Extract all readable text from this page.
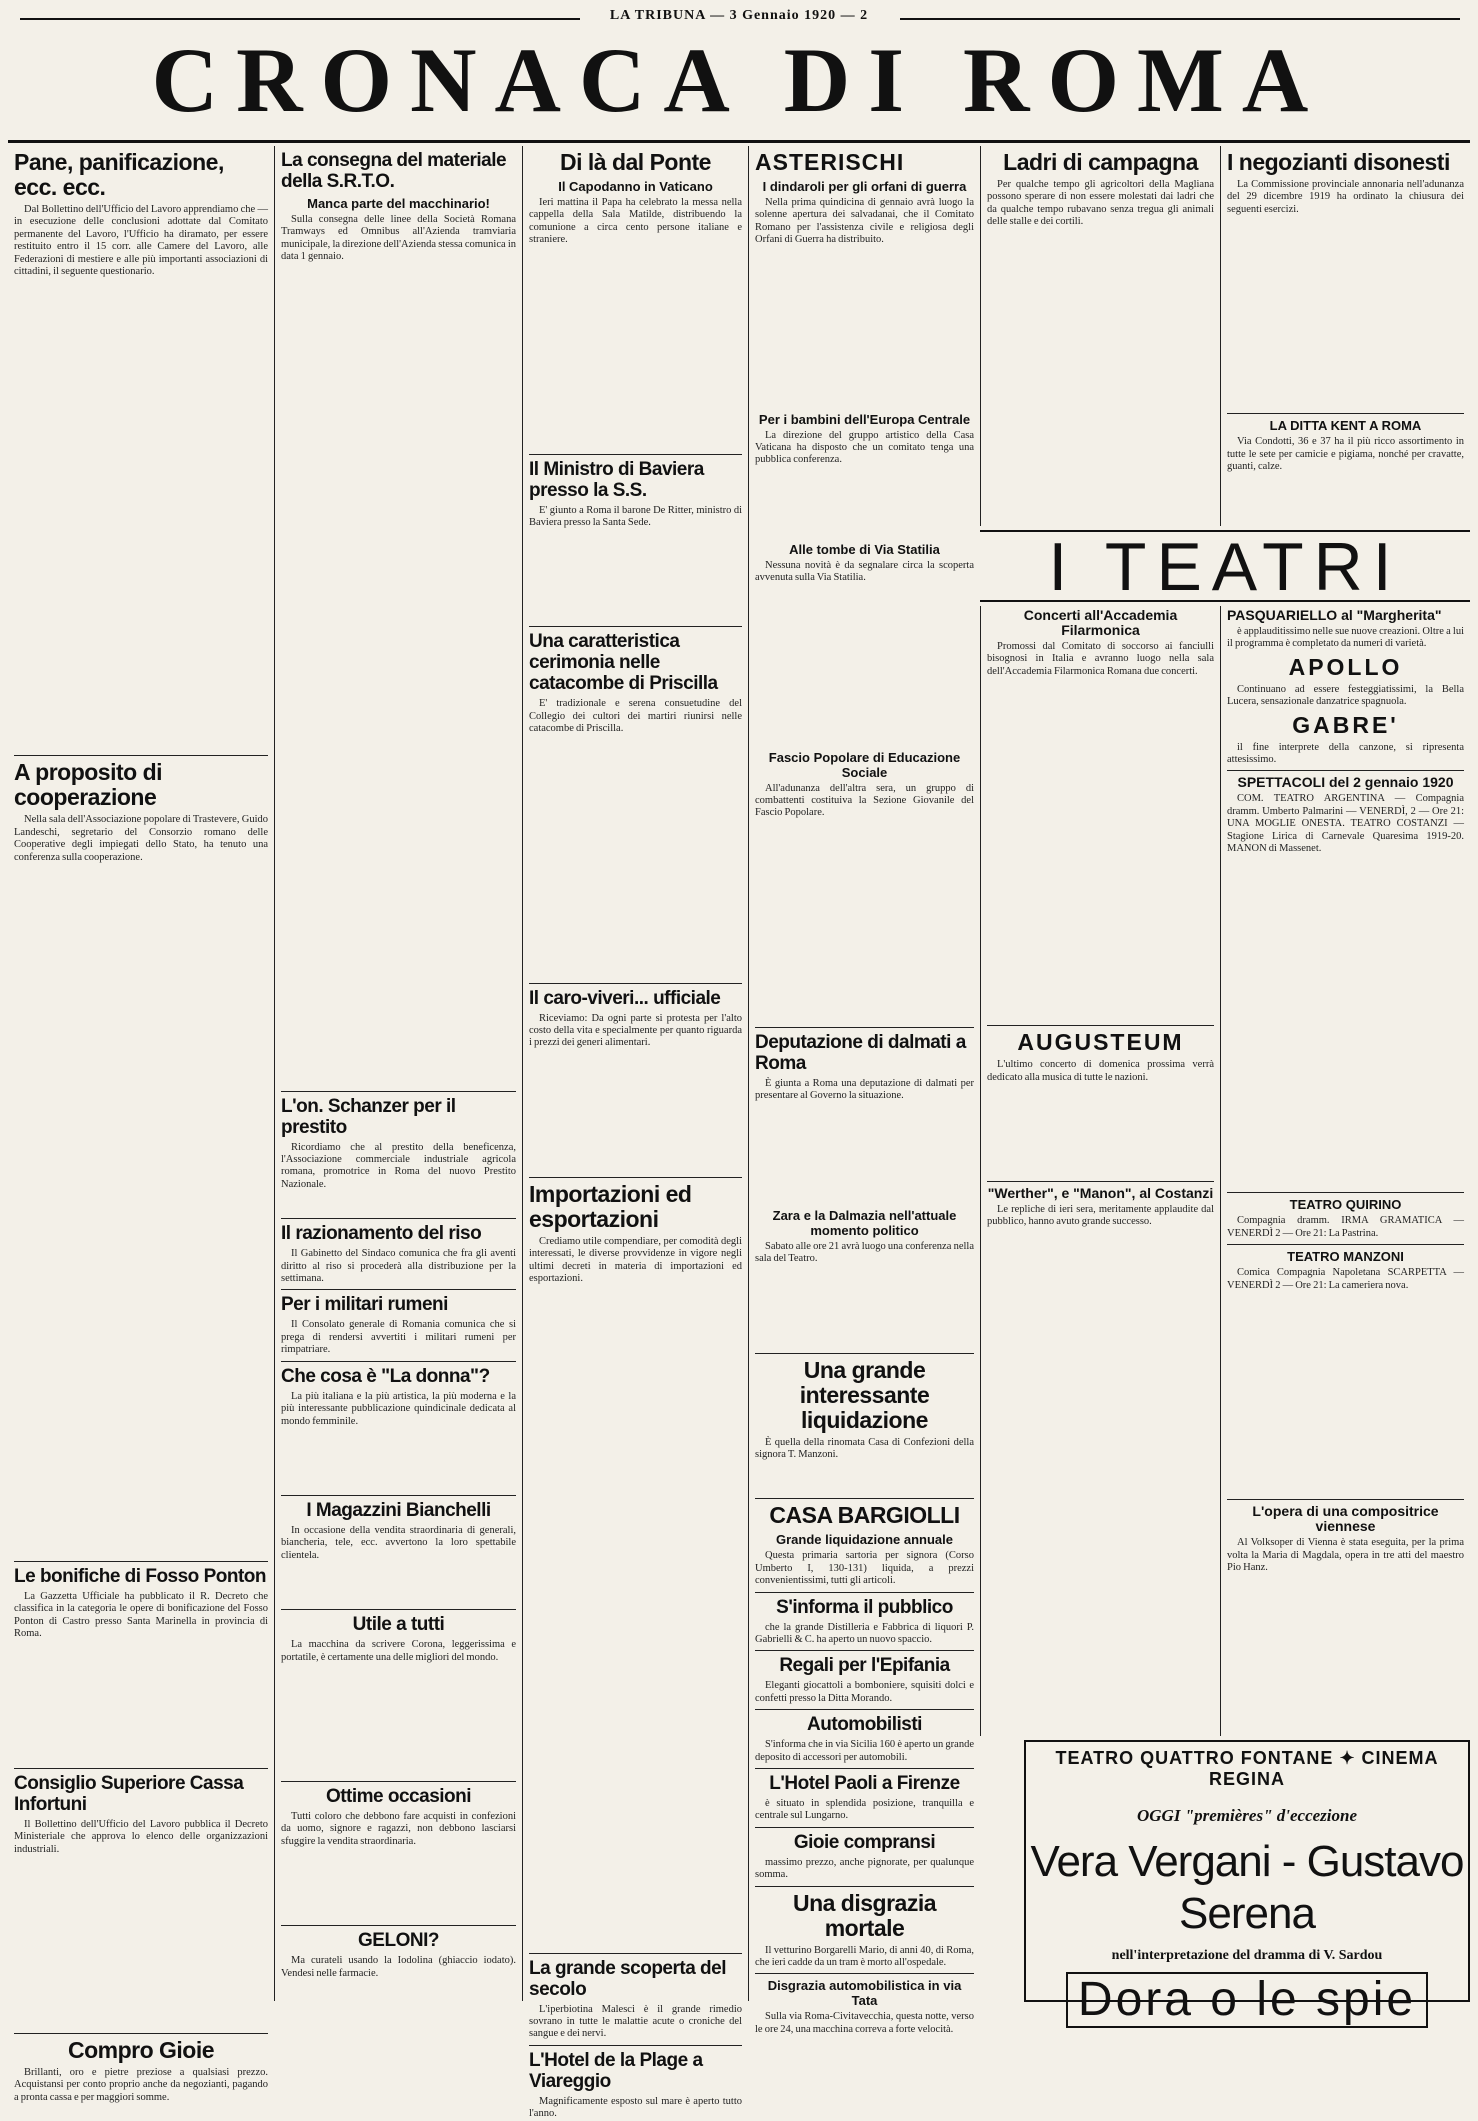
LA TRIBUNA — 3 Gennaio 1920 — 2
CRONACA DI ROMA
Pane, panificazione, ecc. ecc.

Dal Bollettino dell'Ufficio del Lavoro apprendiamo che — in esecuzione delle conclusioni adottate dal Comitato permanente del Lavoro, l'Ufficio ha diramato, per essere restituito entro il 15 corr. alle Camere del Lavoro, alle Federazioni di mestiere e alle più importanti associazioni di cittadini, il seguente questionario.

A proposito di cooperazione

Nella sala dell'Associazione popolare di Trastevere, Guido Landeschi, segretario del Consorzio romano delle Cooperative degli impiegati dello Stato, ha tenuto una conferenza sulla cooperazione.

Le bonifiche di Fosso Ponton

La Gazzetta Ufficiale ha pubblicato il R. Decreto che classifica in la categoria le opere di bonificazione del Fosso Ponton di Castro presso Santa Marinella in provincia di Roma.

Consiglio Superiore Cassa Infortuni

Il Bollettino dell'Ufficio del Lavoro pubblica il Decreto Ministeriale che approva lo elenco delle organizzazioni industriali.

Compro Gioie

Brillanti, oro e pietre preziose a qualsiasi prezzo. Acquistansi per conto proprio anche da negozianti, pagando a pronta cassa e per maggiori somme.

La consegna del materiale della S.R.T.O.
Manca parte del macchinario!

Sulla consegna delle linee della Società Romana Tramways ed Omnibus all'Azienda tramviaria municipale, la direzione dell'Azienda stessa comunica in data 1 gennaio.

L'on. Schanzer per il prestito

Ricordiamo che al prestito della beneficenza, l'Associazione commerciale industriale agricola romana, promotrice in Roma del nuovo Prestito Nazionale.

Il razionamento del riso

Il Gabinetto del Sindaco comunica che fra gli aventi diritto al riso si procederà alla distribuzione per la settimana.

Per i militari rumeni

Il Consolato generale di Romania comunica che si prega di rendersi avvertiti i militari rumeni per rimpatriare.

Che cosa è "La donna"?

La più italiana e la più artistica, la più moderna e la più interessante pubblicazione quindicinale dedicata al mondo femminile.

I Magazzini Bianchelli

In occasione della vendita straordinaria di generali, biancheria, tele, ecc. avvertono la loro spettabile clientela.

Utile a tutti

La macchina da scrivere Corona, leggerissima e portatile, è certamente una delle migliori del mondo.

Ottime occasioni

Tutti coloro che debbono fare acquisti in confezioni da uomo, signore e ragazzi, non debbono lasciarsi sfuggire la vendita straordinaria.

GELONI?

Ma curateli usando la Iodolina (ghiaccio iodato). Vendesi nelle farmacie.

Di là dal Ponte
Il Capodanno in Vaticano

Ieri mattina il Papa ha celebrato la messa nella cappella della Sala Matilde, distribuendo la comunione a circa cento persone italiane e straniere.

Il Ministro di Baviera presso la S.S.

E' giunto a Roma il barone De Ritter, ministro di Baviera presso la Santa Sede.

Una caratteristica cerimonia nelle catacombe di Priscilla

E' tradizionale e serena consuetudine del Collegio dei cultori dei martiri riunirsi nelle catacombe di Priscilla.

Il caro-viveri... ufficiale

Riceviamo: Da ogni parte si protesta per l'alto costo della vita e specialmente per quanto riguarda i prezzi dei generi alimentari.

Importazioni ed esportazioni

Crediamo utile compendiare, per comodità degli interessati, le diverse provvidenze in vigore negli ultimi decreti in materia di importazioni ed esportazioni.

La grande scoperta del secolo

L'iperbiotina Malesci è il grande rimedio sovrano in tutte le malattie acute o croniche del sangue e dei nervi.

L'Hotel de la Plage a Viareggio

Magnificamente esposto sul mare è aperto tutto l'anno.

ASTERISCHI
I dindaroli per gli orfani di guerra

Nella prima quindicina di gennaio avrà luogo la solenne apertura dei salvadanai, che il Comitato Romano per l'assistenza civile e religiosa degli Orfani di Guerra ha distribuito.

Per i bambini dell'Europa Centrale

La direzione del gruppo artistico della Casa Vaticana ha disposto che un comitato tenga una pubblica conferenza.

Alle tombe di Via Statilia

Nessuna novità è da segnalare circa la scoperta avvenuta sulla Via Statilia.

Fascio Popolare di Educazione Sociale

All'adunanza dell'altra sera, un gruppo di combattenti costituiva la Sezione Giovanile del Fascio Popolare.

Deputazione di dalmati a Roma

È giunta a Roma una deputazione di dalmati per presentare al Governo la situazione.

Zara e la Dalmazia nell'attuale momento politico

Sabato alle ore 21 avrà luogo una conferenza nella sala del Teatro.

Una grande interessante liquidazione

È quella della rinomata Casa di Confezioni della signora T. Manzoni.

CASA BARGIOLLI
Grande liquidazione annuale

Questa primaria sartoria per signora (Corso Umberto I, 130-131) liquida, a prezzi convenientissimi, tutti gli articoli.

S'informa il pubblico

che la grande Distilleria e Fabbrica di liquori P. Gabrielli & C. ha aperto un nuovo spaccio.

Regali per l'Epifania

Eleganti giocattoli a bomboniere, squisiti dolci e confetti presso la Ditta Morando.

Automobilisti

S'informa che in via Sicilia 160 è aperto un grande deposito di accessori per automobili.

L'Hotel Paoli a Firenze

è situato in splendida posizione, tranquilla e centrale sul Lungarno.

Gioie compransi

massimo prezzo, anche pignorate, per qualunque somma.

Una disgrazia mortale

Il vetturino Borgarelli Mario, di anni 40, di Roma, che ieri cadde da un tram è morto all'ospedale.

Disgrazia automobilistica in via Tata

Sulla via Roma-Civitavecchia, questa notte, verso le ore 24, una macchina correva a forte velocità.

Ladri di campagna

Per qualche tempo gli agricoltori della Magliana possono sperare di non essere molestati dai ladri che da qualche tempo rubavano senza tregua gli animali delle stalle e dei cortili.

I negozianti disonesti

La Commissione provinciale annonaria nell'adunanza del 29 dicembre 1919 ha ordinato la chiusura dei seguenti esercizi.

LA DITTA KENT A ROMA

Via Condotti, 36 e 37 ha il più ricco assortimento in tutte le sete per camicie e pigiama, nonché per cravatte, guanti, calze.

I TEATRI
Concerti all'Accademia Filarmonica

Promossi dal Comitato di soccorso ai fanciulli bisognosi in Italia e avranno luogo nella sala dell'Accademia Filarmonica Romana due concerti.

AUGUSTEUM

L'ultimo concerto di domenica prossima verrà dedicato alla musica di tutte le nazioni.

"Werther", e "Manon", al Costanzi

Le repliche di ieri sera, meritamente applaudite dal pubblico, hanno avuto grande successo.

PASQUARIELLO al "Margherita"

è applauditissimo nelle sue nuove creazioni. Oltre a lui il programma è completato da numeri di varietà.

APOLLO

Continuano ad essere festeggiatissimi, la Bella Lucera, sensazionale danzatrice spagnuola.

GABRE'

il fine interprete della canzone, si ripresenta attesissimo.

SPETTACOLI del 2 gennaio 1920

COM. TEATRO ARGENTINA — Compagnia dramm. Umberto Palmarini — VENERDÌ, 2 — Ore 21: UNA MOGLIE ONESTA. TEATRO COSTANZI — Stagione Lirica di Carnevale Quaresima 1919-20. MANON di Massenet.

TEATRO QUIRINO

Compagnia dramm. IRMA GRAMATICA — VENERDÌ 2 — Ore 21: La Pastrina.

TEATRO MANZONI

Comica Compagnia Napoletana SCARPETTA — VENERDÌ 2 — Ore 21: La cameriera nova.

L'opera di una compositrice viennese

Al Volksoper di Vienna è stata eseguita, per la prima volta la Maria di Magdala, opera in tre atti del maestro Pio Hanz.

TEATRO QUATTRO FONTANE ✦ CINEMA REGINA
OGGI "premières" d'eccezione
Vera Vergani - Gustavo Serena
nell'interpretazione del dramma di V. Sardou
Dora o le spie
